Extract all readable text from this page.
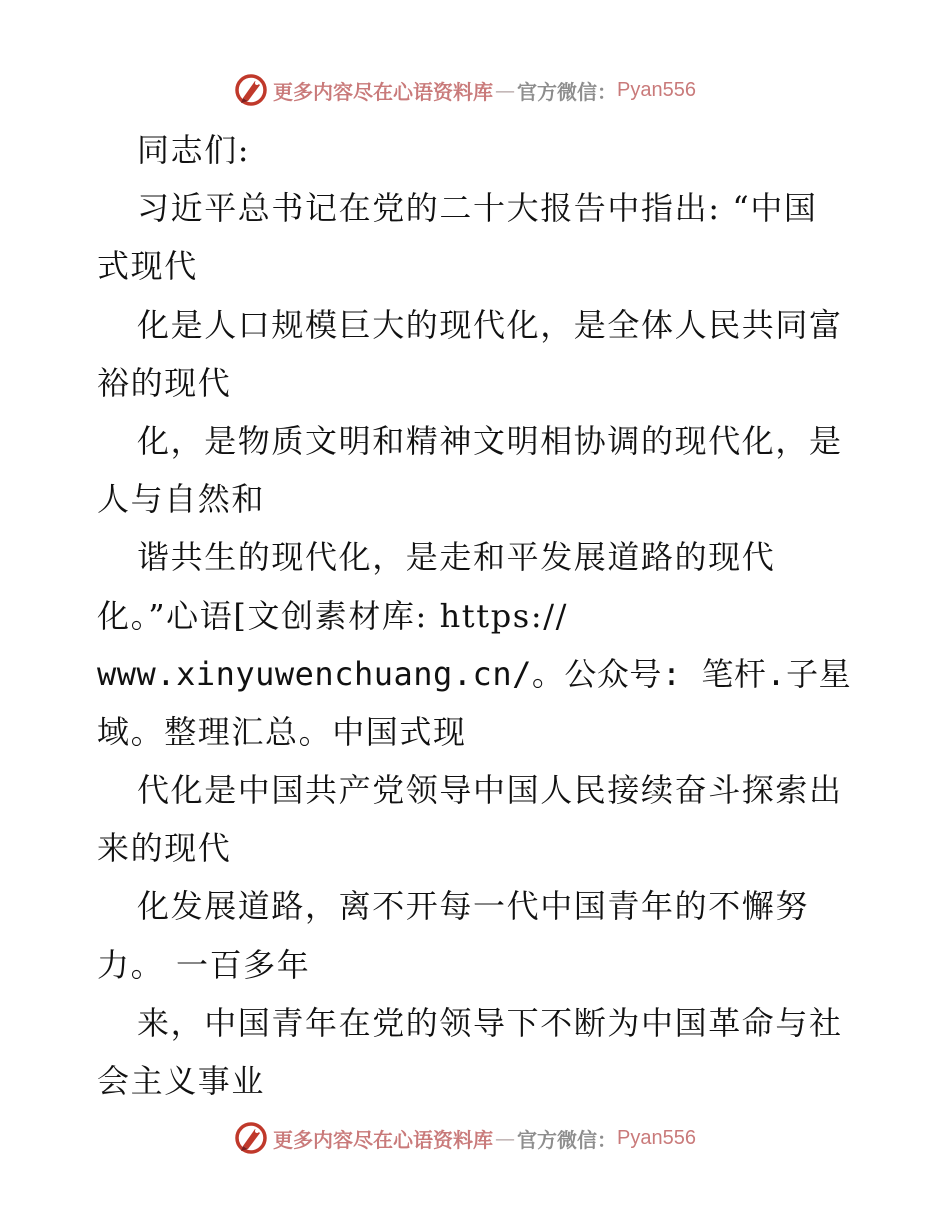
更多内容尽在心语资料库 — 官方微信： Pyan556
同志们:
习近平总书记在党的二十大报告中指出: “中国
式现代
化是人口规模巨大的现代化，是全体人民共同富
裕的现代
化，是物质文明和精神文明相协调的现代化，是
人与自然和
谐共生的现代化，是走和平发展道路的现代
化。”心语[文创素材库: https://
www.xinyuwenchuang.cn/。公众号: 笔杆.子星
域。整理汇总。中国式现
代化是中国共产党领导中国人民接续奋斗探索出
来的现代
化发展道路，离不开每一代中国青年的不懈努
力。 一百多年
来，中国青年在党的领导下不断为中国革命与社
会主义事业
更多内容尽在心语资料库 — 官方微信： Pyan556
